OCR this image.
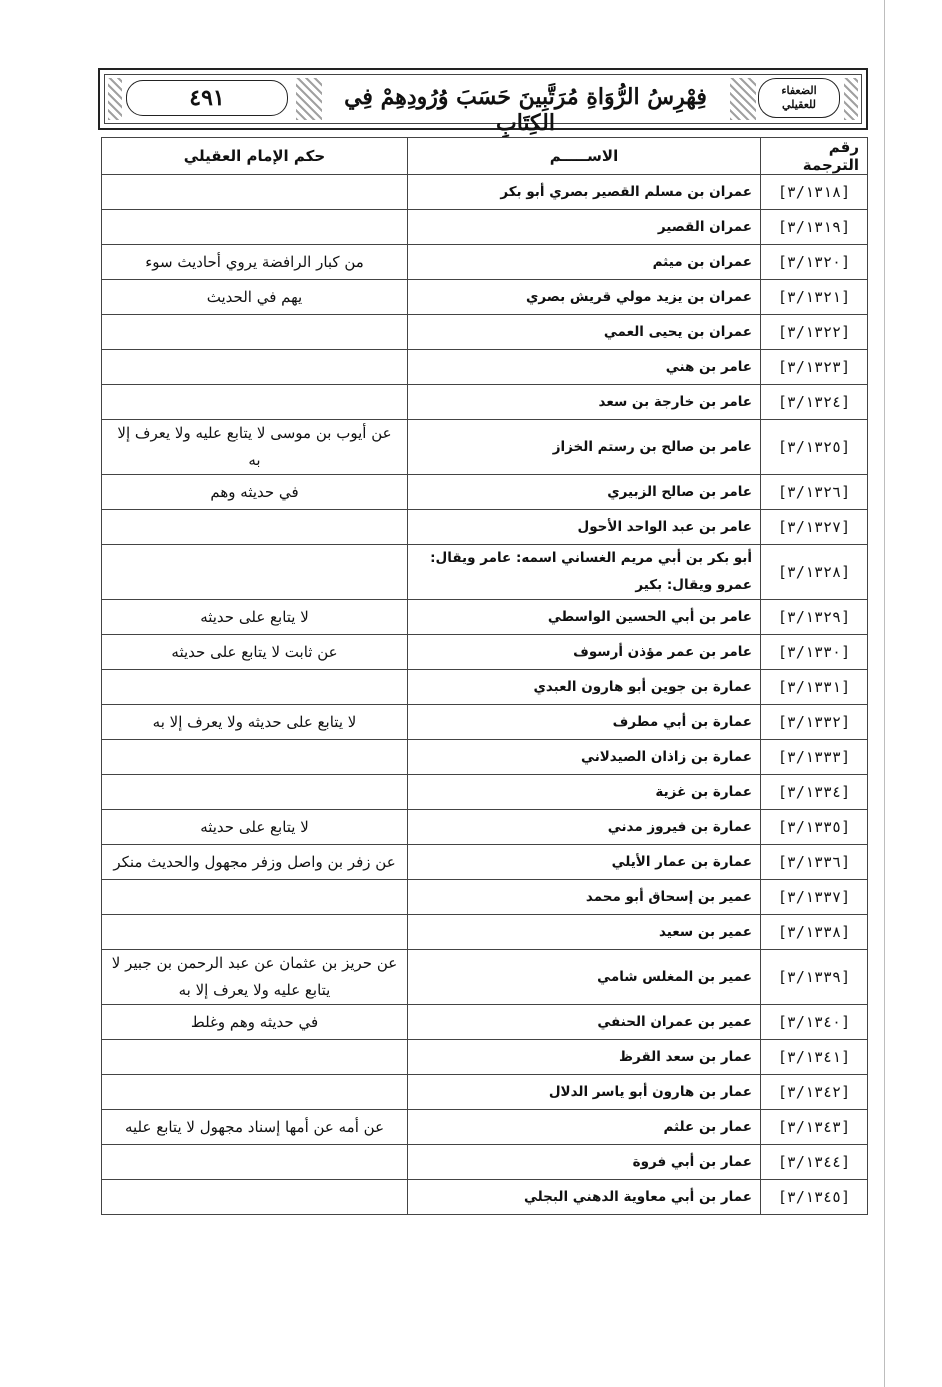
٤٩١	فِهْرِسُ الرُّوَاةِ مُرَتَّبِينَ حَسَبَ وُرُودِهِمْ فِي الكِتَابِ
الضعفاء
للعقيلي
رقم الترجمة	الاســـــم	حكم الإمام العقيلي
[٣/١٣١٨]	عمران بن مسلم القصير بصري أبو بكر	
[٣/١٣١٩]	عمران القصير	
[٣/١٣٢٠]	عمران بن ميثم	من كبار الرافضة يروي أحاديث سوء
[٣/١٣٢١]	عمران بن يزيد مولي قريش بصري	يهم في الحديث
[٣/١٣٢٢]	عمران بن يحيى العمي	
[٣/١٣٢٣]	عامر بن هني	
[٣/١٣٢٤]	عامر بن خارجة بن سعد	
[٣/١٣٢٥]	عامر بن صالح بن رستم الخزاز	عن أيوب بن موسى لا يتابع عليه ولا يعرف إلا به
[٣/١٣٢٦]	عامر بن صالح الزبيري	في حديثه وهم
[٣/١٣٢٧]	عامر بن عبد الواحد الأحول	
[٣/١٣٢٨]	أبو بكر بن أبي مريم الغساني اسمه: عامر ويقال: عمرو ويقال: بكير	
[٣/١٣٢٩]	عامر بن أبي الحسين الواسطي	لا يتابع على حديثه
[٣/١٣٣٠]	عامر بن عمر مؤذن أرسوف	عن ثابت لا يتابع على حديثه
[٣/١٣٣١]	عمارة بن جوين أبو هارون العبدي	
[٣/١٣٣٢]	عمارة بن أبي مطرف	لا يتابع على حديثه ولا يعرف إلا به
[٣/١٣٣٣]	عمارة بن زاذان الصيدلاني	
[٣/١٣٣٤]	عمارة بن غزية	
[٣/١٣٣٥]	عمارة بن فيروز مدني	لا يتابع على حديثه
[٣/١٣٣٦]	عمارة بن عمار الأيلي	عن زفر بن واصل وزفر مجهول والحديث منكر
[٣/١٣٣٧]	عمير بن إسحاق أبو محمد	
[٣/١٣٣٨]	عمير بن سعيد	
[٣/١٣٣٩]	عمير بن المغلس شامي	عن حريز بن عثمان عن عبد الرحمن بن جبير لا يتابع عليه ولا يعرف إلا به
[٣/١٣٤٠]	عمير بن عمران الحنفي	في حديثه وهم وغلط
[٣/١٣٤١]	عمار بن سعد القرظ	
[٣/١٣٤٢]	عمار بن هارون أبو ياسر الدلال	
[٣/١٣٤٣]	عمار بن علثم	عن أمه عن أمها إسناد مجهول لا يتابع عليه
[٣/١٣٤٤]	عمار بن أبي فروة	
[٣/١٣٤٥]	عمار بن أبي معاوية الدهني البجلي	
